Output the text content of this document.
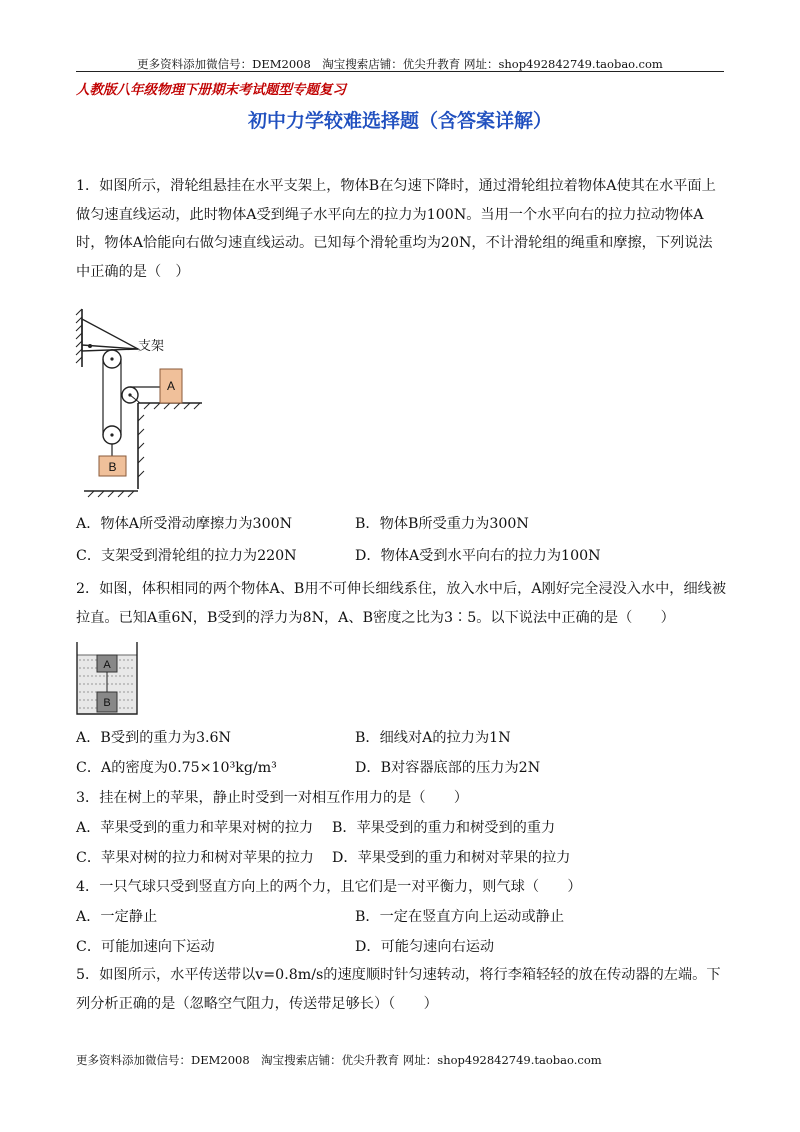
更多资料添加微信号：DEM2008　淘宝搜索店铺：优尖升教育 网址：shop492842749.taobao.com
人教版八年级物理下册期末考试题型专题复习
初中力学较难选择题（含答案详解）
1．如图所示，滑轮组悬挂在水平支架上，物体B在匀速下降时，通过滑轮组拉着物体A使其在水平面上做匀速直线运动，此时物体A受到绳子水平向左的拉力为100N。当用一个水平向右的拉力拉动物体A时，物体A恰能向右做匀速直线运动。已知每个滑轮重均为20N，不计滑轮组的绳重和摩擦，下列说法中正确的是（　）
支架
B
A
A．物体A所受滑动摩擦力为300N	B．物体B所受重力为300N
C．支架受到滑轮组的拉力为220N	D．物体A受到水平向右的拉力为100N
2．如图，体积相同的两个物体A、B用不可伸长细线系住，放入水中后，A刚好完全浸没入水中，细线被拉直。已知A重6N，B受到的浮力为8N，A、B密度之比为3∶5。以下说法中正确的是（　　）
A
B
A．B受到的重力为3.6N	B．细线对A的拉力为1N
C．A的密度为0.75×10³kg/m³	D．B对容器底部的压力为2N
3．挂在树上的苹果，静止时受到一对相互作用力的是（　　）
A．苹果受到的重力和苹果对树的拉力 B．苹果受到的重力和树受到的重力
C．苹果对树的拉力和树对苹果的拉力 D．苹果受到的重力和树对苹果的拉力
4．一只气球只受到竖直方向上的两个力，且它们是一对平衡力，则气球（　　）
A．一定静止	B．一定在竖直方向上运动或静止
C．可能加速向下运动	D．可能匀速向右运动
5．如图所示，水平传送带以v=0.8m/s的速度顺时针匀速转动，将行李箱轻轻的放在传动器的左端。下列分析正确的是（忽略空气阻力，传送带足够长）（　　）
更多资料添加微信号：DEM2008　淘宝搜索店铺：优尖升教育 网址：shop492842749.taobao.com
